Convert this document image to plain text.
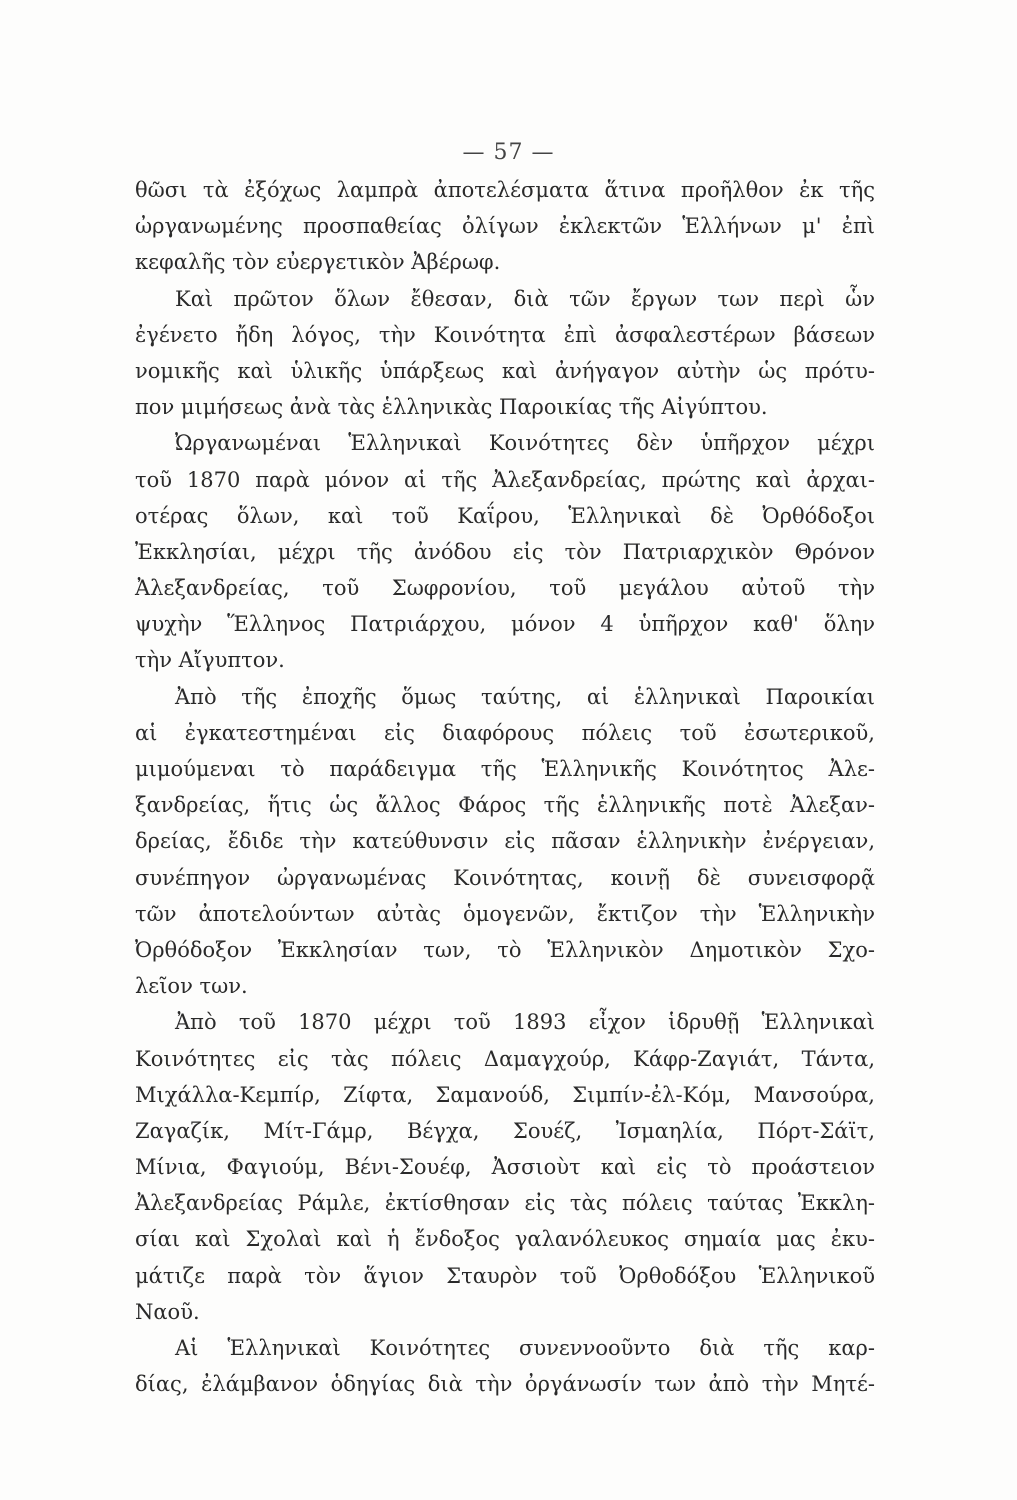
— 57 —
θῶσι τὰ ἐξόχως λαμπρὰ ἀποτελέσματα ἅτινα προῆλθον ἐκ τῆς
ὠργανωμένης προσπαθείας ὀλίγων ἐκλεκτῶν Ἑλλήνων μ' ἐπὶ
κεφαλῆς τὸν εὐεργετικὸν Ἀβέρωφ.
Καὶ πρῶτον ὅλων ἔθεσαν, διὰ τῶν ἔργων των περὶ ὧν
ἐγένετο ἤδη λόγος, τὴν Κοινότητα ἐπὶ ἀσφαλεστέρων βάσεων
νομικῆς καὶ ὑλικῆς ὑπάρξεως καὶ ἀνήγαγον αὐτὴν ὡς πρότυ-
πον μιμήσεως ἀνὰ τὰς ἑλληνικὰς Παροικίας τῆς Αἰγύπτου.
Ὠργανωμέναι Ἑλληνικαὶ Κοινότητες δὲν ὑπῆρχον μέχρι
τοῦ 1870 παρὰ μόνον αἱ τῆς Ἀλεξανδρείας, πρώτης καὶ ἀρχαι-
οτέρας ὅλων, καὶ τοῦ Καΐρου, Ἑλληνικαὶ δὲ Ὀρθόδοξοι
Ἐκκλησίαι, μέχρι τῆς ἀνόδου εἰς τὸν Πατριαρχικὸν Θρόνον
Ἀλεξανδρείας, τοῦ Σωφρονίου, τοῦ μεγάλου αὐτοῦ τὴν
ψυχὴν Ἕλληνος Πατριάρχου, μόνον 4 ὑπῆρχον καθ' ὅλην
τὴν Αἴγυπτον.
Ἀπὸ τῆς ἐποχῆς ὅμως ταύτης, αἱ ἑλληνικαὶ Παροικίαι
αἱ ἐγκατεστημέναι εἰς διαφόρους πόλεις τοῦ ἐσωτερικοῦ,
μιμούμεναι τὸ παράδειγμα τῆς Ἑλληνικῆς Κοινότητος Ἀλε-
ξανδρείας, ἥτις ὡς ἄλλος Φάρος τῆς ἑλληνικῆς ποτὲ Ἀλεξαν-
δρείας, ἔδιδε τὴν κατεύθυνσιν εἰς πᾶσαν ἑλληνικὴν ἐνέργειαν,
συνέπηγον ὠργανωμένας Κοινότητας, κοινῇ δὲ συνεισφορᾷ
τῶν ἀποτελούντων αὐτὰς ὁμογενῶν, ἔκτιζον τὴν Ἑλληνικὴν
Ὀρθόδοξον Ἐκκλησίαν των, τὸ Ἑλληνικὸν Δημοτικὸν Σχο-
λεῖον των.
Ἀπὸ τοῦ 1870 μέχρι τοῦ 1893 εἶχον ἱδρυθῇ Ἑλληνικαὶ
Κοινότητες εἰς τὰς πόλεις Δαμαγχούρ, Κάφρ-Ζαγιάτ, Τάντα,
Μιχάλλα-Κεμπίρ, Ζίφτα, Σαμανούδ, Σιμπίν-ἐλ-Κόμ, Μανσούρα,
Ζαγαζίκ, Μίτ-Γάμρ, Βέγχα, Σουέζ, Ἰσμαηλία, Πόρτ-Σάϊτ,
Μίνια, Φαγιούμ, Βένι-Σουέφ, Ἀσσιοὺτ καὶ εἰς τὸ προάστειον
Ἀλεξανδρείας Ράμλε, ἐκτίσθησαν εἰς τὰς πόλεις ταύτας Ἐκκλη-
σίαι καὶ Σχολαὶ καὶ ἡ ἔνδοξος γαλανόλευκος σημαία μας ἐκυ-
μάτιζε παρὰ τὸν ἅγιον Σταυρὸν τοῦ Ὀρθοδόξου Ἑλληνικοῦ
Ναοῦ.
Αἱ Ἑλληνικαὶ Κοινότητες συνεννοοῦντο διὰ τῆς καρ-
δίας, ἐλάμβανον ὁδηγίας διὰ τὴν ὀργάνωσίν των ἀπὸ τὴν Μητέ-
